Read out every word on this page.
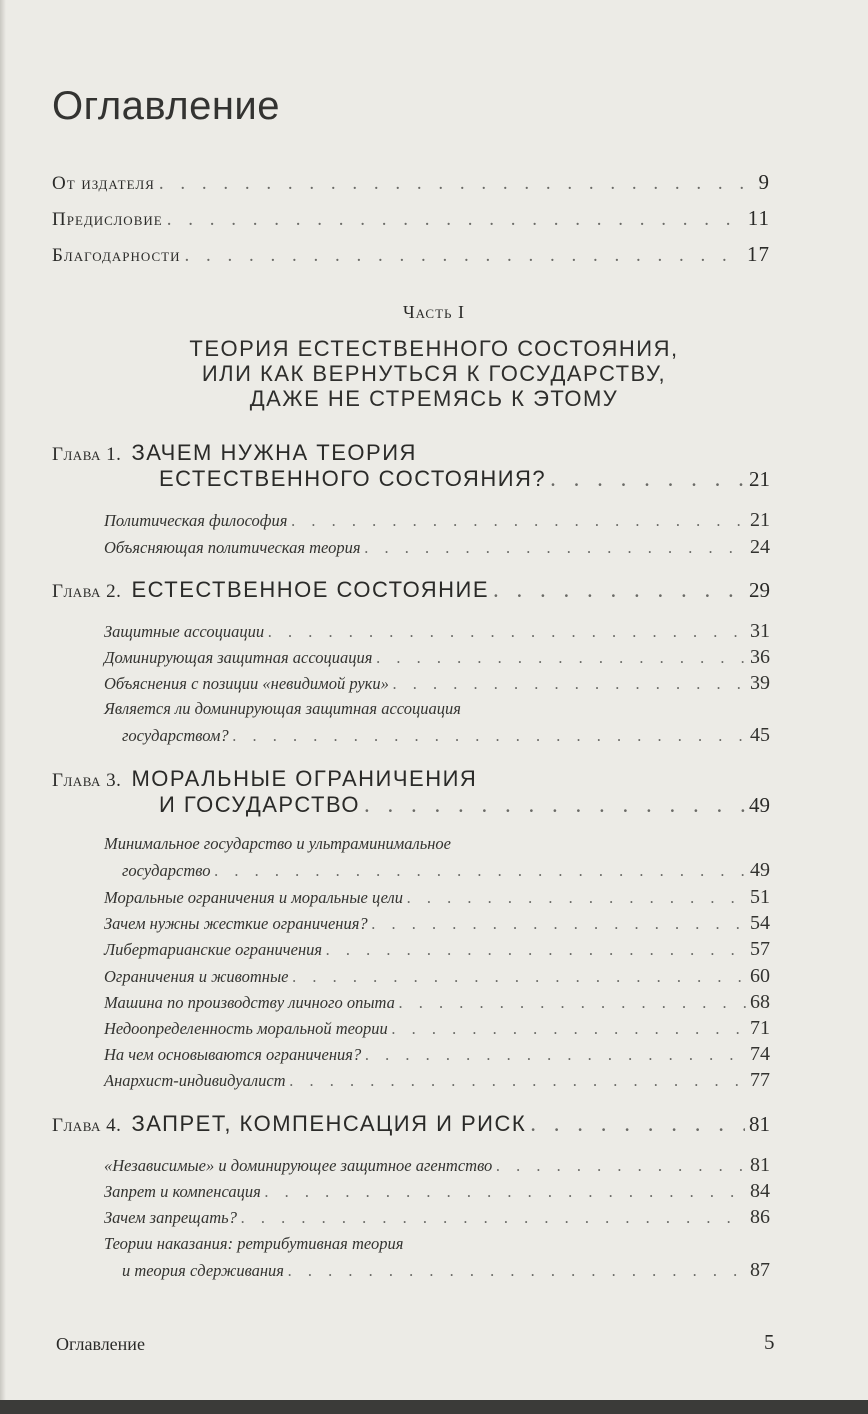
Оглавление
От издателя . . .	9
Предисловие . . .	11
Благодарности . . .	17
Часть I
ТЕОРИЯ ЕСТЕСТВЕННОГО СОСТОЯНИЯ,
ИЛИ КАК ВЕРНУТЬСЯ К ГОСУДАРСТВУ,
ДАЖЕ НЕ СТРЕМЯСЬ К ЭТОМУ
Глава 1. ЗАЧЕМ НУЖНА ТЕОРИЯ
ЕСТЕСТВЕННОГО СОСТОЯНИЯ? . . .	21
Политическая философия . . .	21
Объясняющая политическая теория . . .	24
Глава 2. ЕСТЕСТВЕННОЕ СОСТОЯНИЕ . . .	29
Защитные ассоциации . . .	31
Доминирующая защитная ассоциация . . .	36
Объяснения с позиции «невидимой руки» . . .	39
Является ли доминирующая защитная ассоциация
государством? . . .	45
Глава 3. МОРАЛЬНЫЕ ОГРАНИЧЕНИЯ
И ГОСУДАРСТВО . . .	49
Минимальное государство и ультраминимальное
государство . . .	49
Моральные ограничения и моральные цели . . .	51
Зачем нужны жесткие ограничения? . . .	54
Либертарианские ограничения . . .	57
Ограничения и животные . . .	60
Машина по производству личного опыта . . .	68
Недоопределенность моральной теории . . .	71
На чем основываются ограничения? . . .	74
Анархист-индивидуалист . . .	77
Глава 4. ЗАПРЕТ, КОМПЕНСАЦИЯ И РИСК . . .	81
«Независимые» и доминирующее защитное агентство . . .	81
Запрет и компенсация . . .	84
Зачем запрещать? . . .	86
Теории наказания: ретрибутивная теория
и теория сдерживания . . .	87
Оглавление	5
